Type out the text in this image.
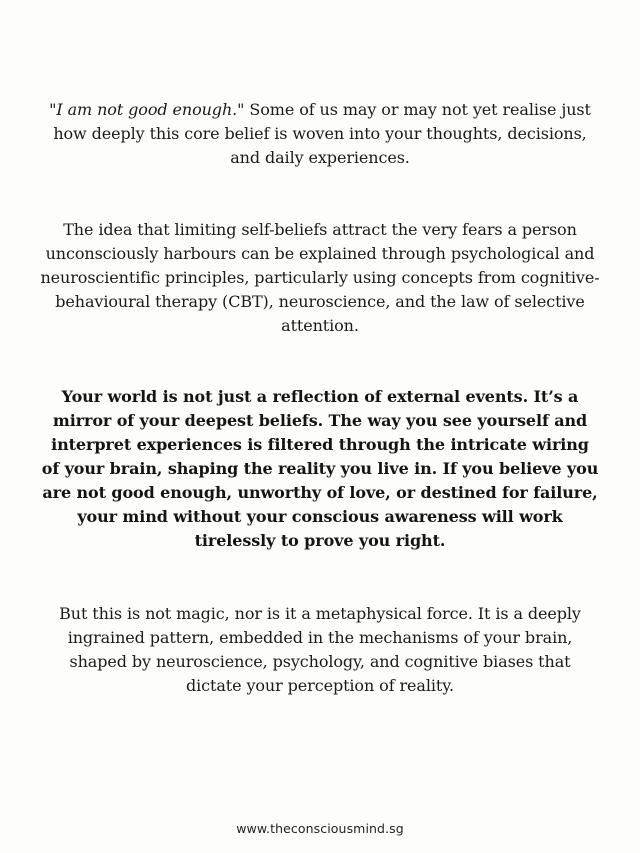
"I am not good enough." Some of us may or may not yet realise just how deeply this core belief is woven into your thoughts, decisions, and daily experiences.

The idea that limiting self-beliefs attract the very fears a person unconsciously harbours can be explained through psychological and neuroscientific principles, particularly using concepts from cognitive-behavioural therapy (CBT), neuroscience, and the law of selective attention.

Your world is not just a reflection of external events. It’s a mirror of your deepest beliefs. The way you see yourself and interpret experiences is filtered through the intricate wiring of your brain, shaping the reality you live in. If you believe you are not good enough, unworthy of love, or destined for failure, your mind without your conscious awareness will work tirelessly to prove you right.

But this is not magic, nor is it a metaphysical force. It is a deeply ingrained pattern, embedded in the mechanisms of your brain, shaped by neuroscience, psychology, and cognitive biases that dictate your perception of reality.

www.theconsciousmind.sg
